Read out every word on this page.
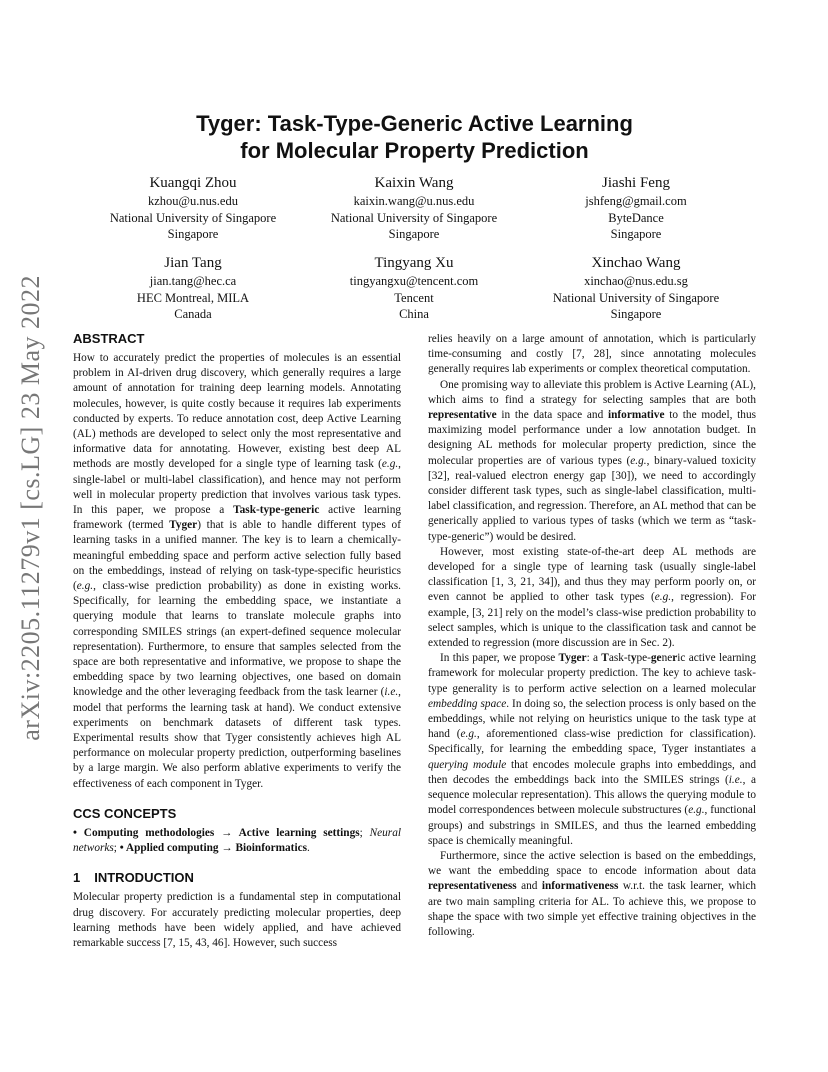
arXiv:2205.11279v1 [cs.LG] 23 May 2022
Tyger: Task-Type-Generic Active Learning
for Molecular Property Prediction
Kuangqi Zhou
kzhou@u.nus.edu
National University of Singapore
Singapore
Kaixin Wang
kaixin.wang@u.nus.edu
National University of Singapore
Singapore
Jiashi Feng
jshfeng@gmail.com
ByteDance
Singapore
Jian Tang
jian.tang@hec.ca
HEC Montreal, MILA
Canada
Tingyang Xu
tingyangxu@tencent.com
Tencent
China
Xinchao Wang
xinchao@nus.edu.sg
National University of Singapore
Singapore
ABSTRACT

How to accurately predict the properties of molecules is an essential problem in AI-driven drug discovery, which generally requires a large amount of annotation for training deep learning models. Annotating molecules, however, is quite costly because it requires lab experiments conducted by experts. To reduce annotation cost, deep Active Learning (AL) methods are developed to select only the most representative and informative data for annotating. However, existing best deep AL methods are mostly developed for a single type of learning task (e.g., single-label or multi-label classification), and hence may not perform well in molecular property prediction that involves various task types. In this paper, we propose a Task-type-generic active learning framework (termed Tyger) that is able to handle different types of learning tasks in a unified manner. The key is to learn a chemically-meaningful embedding space and perform active selection fully based on the embeddings, instead of relying on task-type-specific heuristics (e.g., class-wise prediction probability) as done in existing works. Specifically, for learning the embedding space, we instantiate a querying module that learns to translate molecule graphs into corresponding SMILES strings (an expert-defined sequence molecular representation). Furthermore, to ensure that samples selected from the space are both representative and informative, we propose to shape the embedding space by two learning objectives, one based on domain knowledge and the other leveraging feedback from the task learner (i.e., model that performs the learning task at hand). We conduct extensive experiments on benchmark datasets of different task types. Experimental results show that Tyger consistently achieves high AL performance on molecular property prediction, outperforming baselines by a large margin. We also perform ablative experiments to verify the effectiveness of each component in Tyger.

CCS CONCEPTS

• Computing methodologies → Active learning settings; Neural networks; • Applied computing → Bioinformatics.

1 INTRODUCTION

Molecular property prediction is a fundamental step in computational drug discovery. For accurately predicting molecular properties, deep learning methods have been widely applied, and have achieved remarkable success [7, 15, 43, 46]. However, such success

relies heavily on a large amount of annotation, which is particularly time-consuming and costly [7, 28], since annotating molecules generally requires lab experiments or complex theoretical computation.

One promising way to alleviate this problem is Active Learning (AL), which aims to find a strategy for selecting samples that are both representative in the data space and informative to the model, thus maximizing model performance under a low annotation budget. In designing AL methods for molecular property prediction, since the molecular properties are of various types (e.g., binary-valued toxicity [32], real-valued electron energy gap [30]), we need to accordingly consider different task types, such as single-label classification, multi-label classification, and regression. Therefore, an AL method that can be generically applied to various types of tasks (which we term as “task-type-generic”) would be desired.

However, most existing state-of-the-art deep AL methods are developed for a single type of learning task (usually single-label classification [1, 3, 21, 34]), and thus they may perform poorly on, or even cannot be applied to other task types (e.g., regression). For example, [3, 21] rely on the model’s class-wise prediction probability to select samples, which is unique to the classification task and cannot be extended to regression (more discussion are in Sec. 2).

In this paper, we propose Tyger: a Task-type-generic active learning framework for molecular property prediction. The key to achieve task-type generality is to perform active selection on a learned molecular embedding space. In doing so, the selection process is only based on the embeddings, while not relying on heuristics unique to the task type at hand (e.g., aforementioned class-wise prediction for classification). Specifically, for learning the embedding space, Tyger instantiates a querying module that encodes molecule graphs into embeddings, and then decodes the embeddings back into the SMILES strings (i.e., a sequence molecular representation). This allows the querying module to model correspondences between molecule substructures (e.g., functional groups) and substrings in SMILES, and thus the learned embedding space is chemically meaningful.

Furthermore, since the active selection is based on the embeddings, we want the embedding space to encode information about data representativeness and informativeness w.r.t. the task learner, which are two main sampling criteria for AL. To achieve this, we propose to shape the space with two simple yet effective training objectives in the following.
